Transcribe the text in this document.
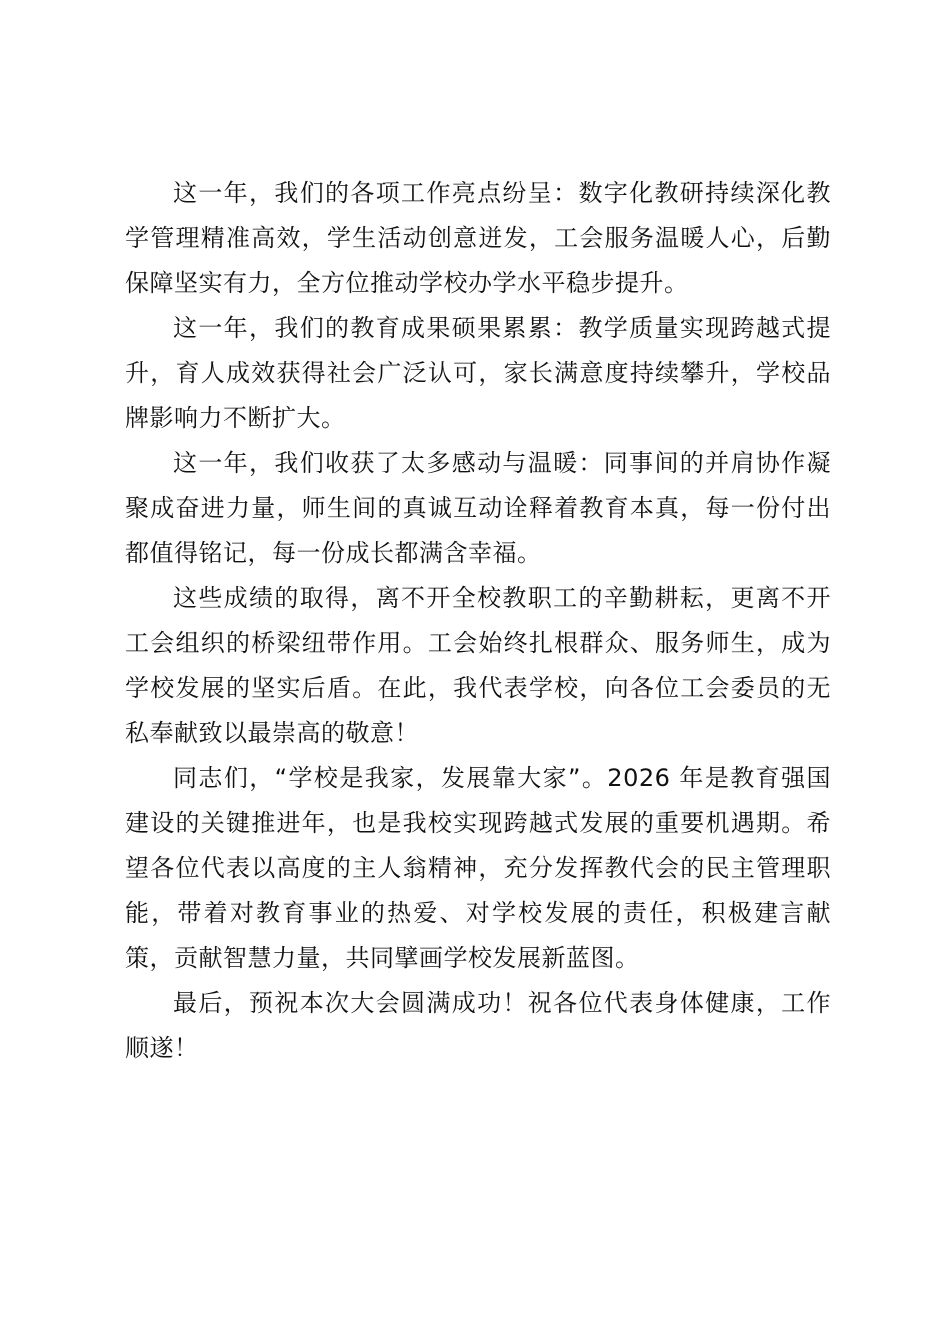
这一年，我们的各项工作亮点纷呈：数字化教研持续深化教学管理精准高效，学生活动创意迸发，工会服务温暖人心，后勤保障坚实有力，全方位推动学校办学水平稳步提升。

这一年，我们的教育成果硕果累累：教学质量实现跨越式提升，育人成效获得社会广泛认可，家长满意度持续攀升，学校品牌影响力不断扩大。

这一年，我们收获了太多感动与温暖：同事间的并肩协作凝聚成奋进力量，师生间的真诚互动诠释着教育本真，每一份付出都值得铭记，每一份成长都满含幸福。

这些成绩的取得，离不开全校教职工的辛勤耕耘，更离不开工会组织的桥梁纽带作用。工会始终扎根群众、服务师生，成为学校发展的坚实后盾。在此，我代表学校，向各位工会委员的无私奉献致以最崇高的敬意！

同志们，“学校是我家，发展靠大家”。2026 年是教育强国建设的关键推进年，也是我校实现跨越式发展的重要机遇期。希望各位代表以高度的主人翁精神，充分发挥教代会的民主管理职能，带着对教育事业的热爱、对学校发展的责任，积极建言献策，贡献智慧力量，共同擘画学校发展新蓝图。

最后，预祝本次大会圆满成功！祝各位代表身体健康，工作顺遂！
